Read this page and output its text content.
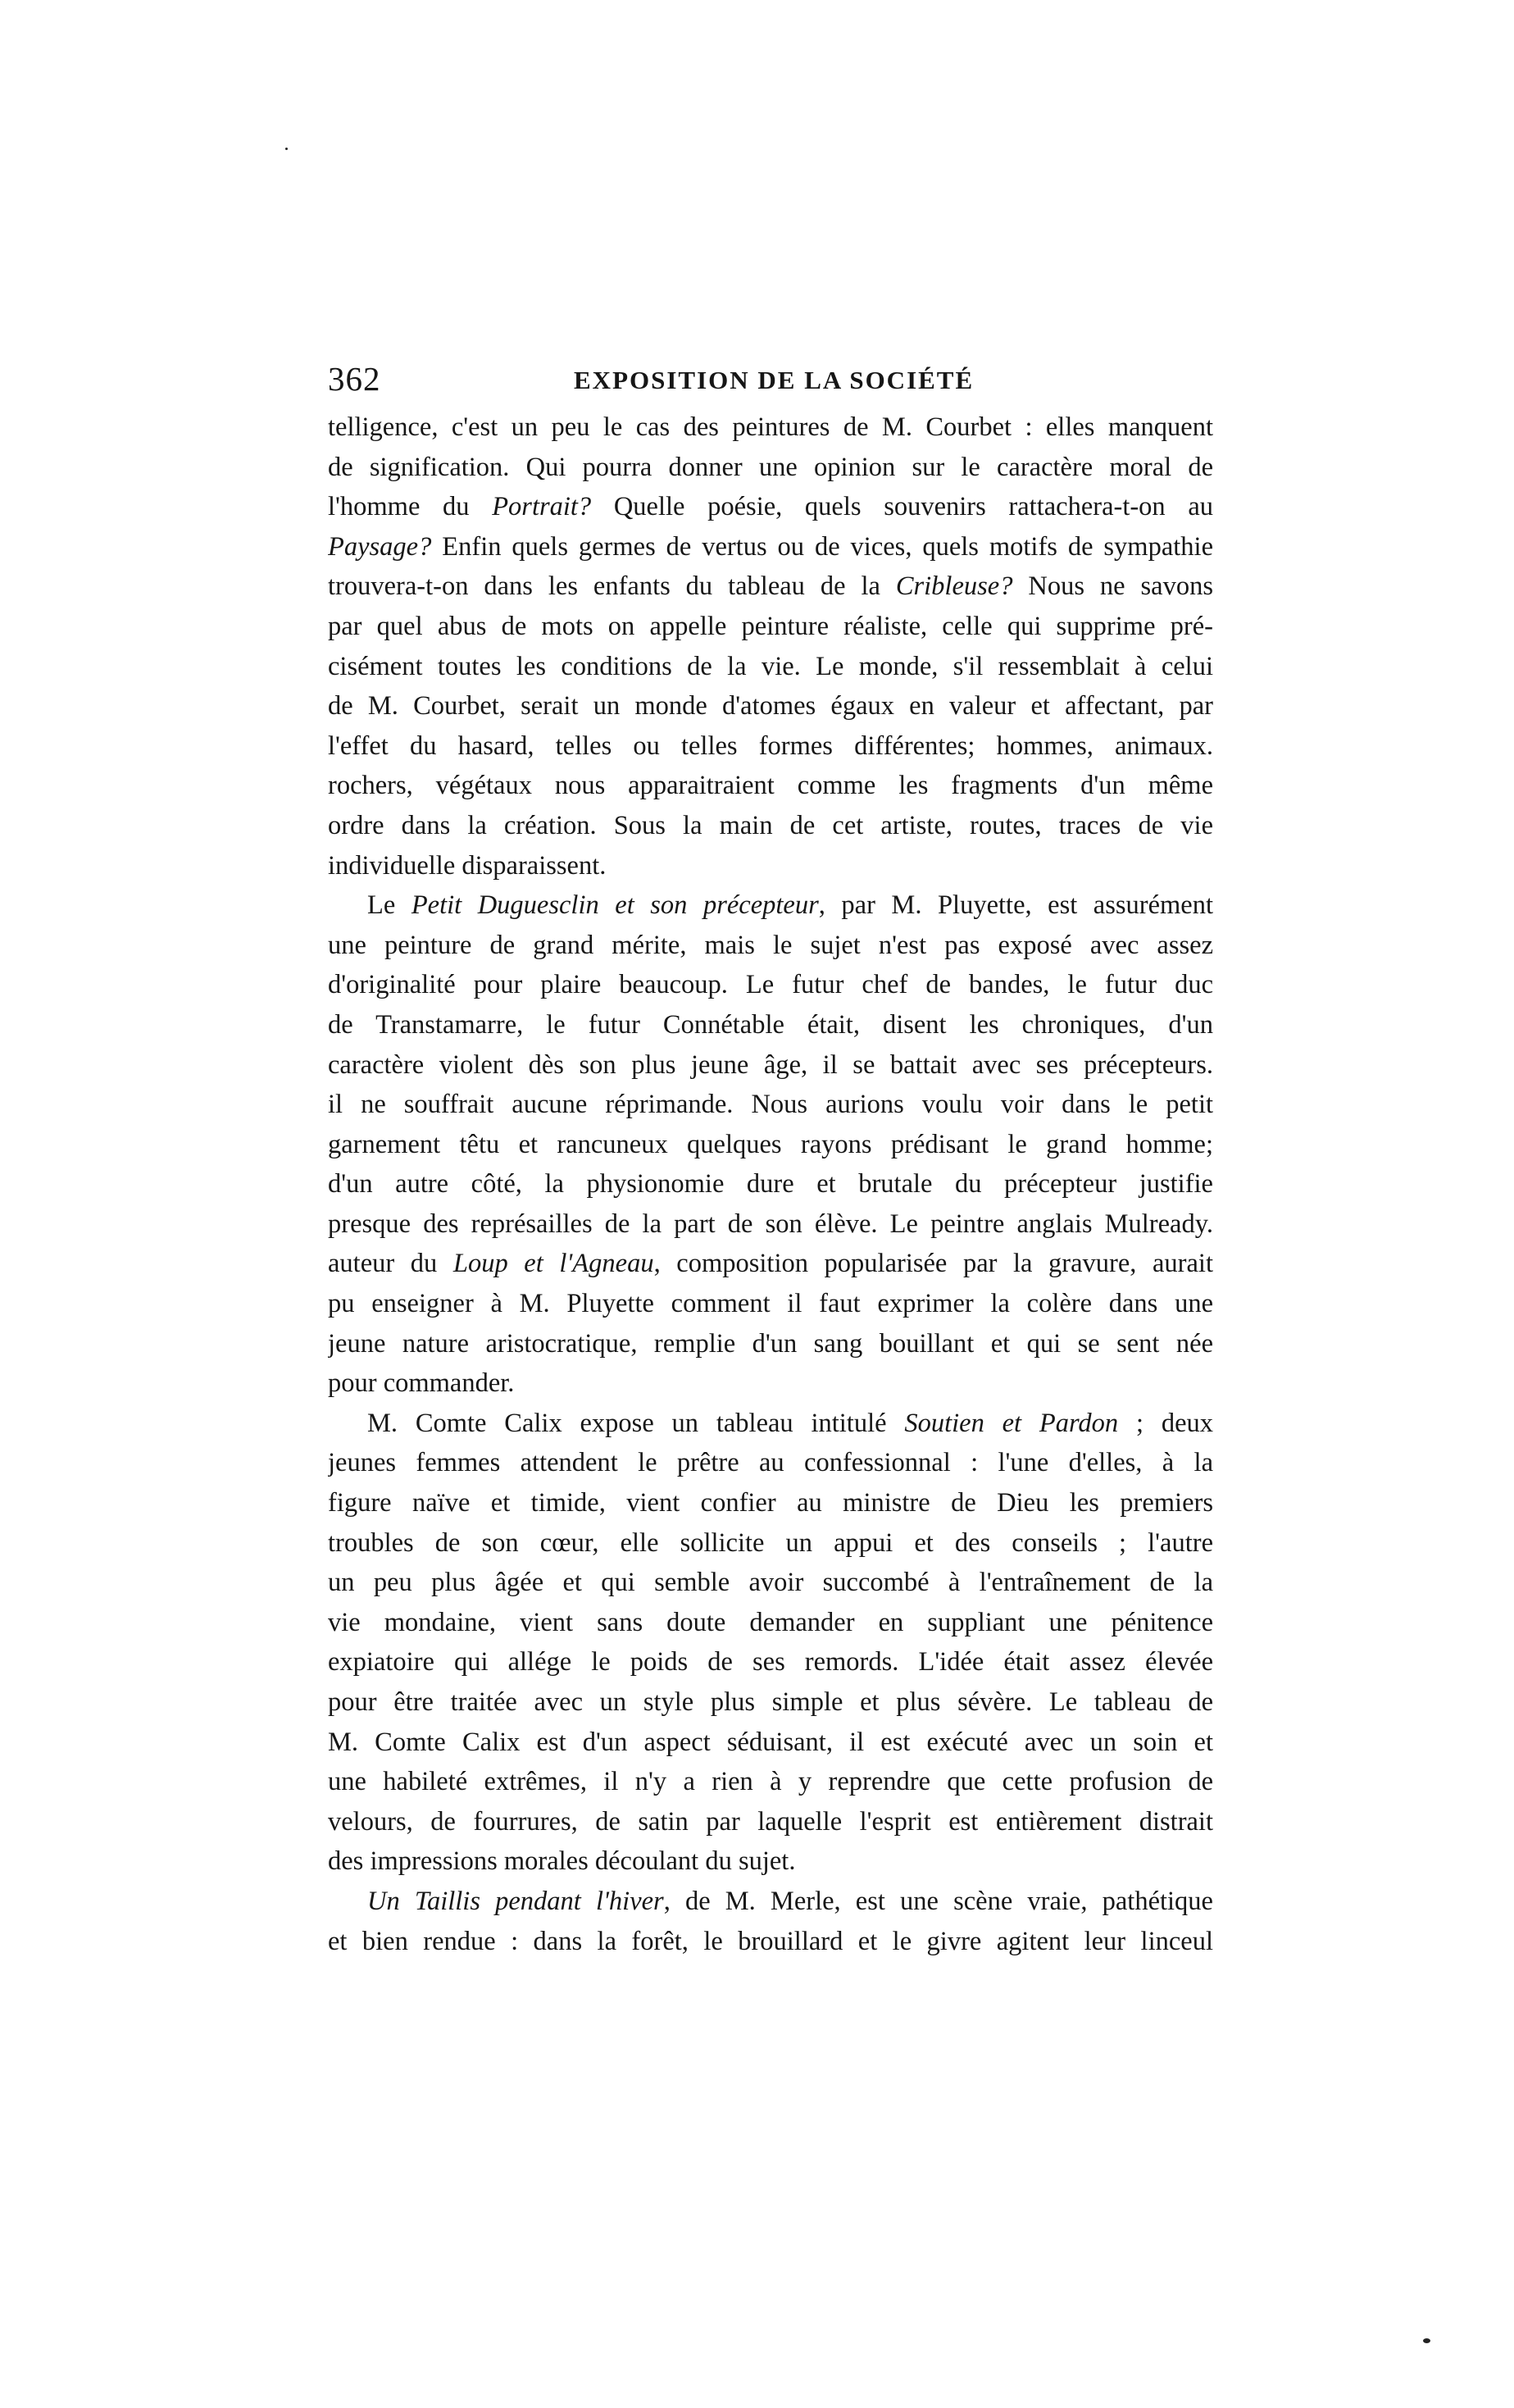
362	EXPOSITION DE LA SOCIÉTÉ
telligence, c'est un peu le cas des peintures de M. Courbet : elles manquent
de signification. Qui pourra donner une opinion sur le caractère moral de
l'homme du Portrait? Quelle poésie, quels souvenirs rattachera-t-on au
Paysage? Enfin quels germes de vertus ou de vices, quels motifs de sympathie
trouvera-t-on dans les enfants du tableau de la Cribleuse? Nous ne savons
par quel abus de mots on appelle peinture réaliste, celle qui supprime pré-
cisément toutes les conditions de la vie. Le monde, s'il ressemblait à celui
de M. Courbet, serait un monde d'atomes égaux en valeur et affectant, par
l'effet du hasard, telles ou telles formes différentes; hommes, animaux.
rochers, végétaux nous apparaitraient comme les fragments d'un même
ordre dans la création. Sous la main de cet artiste, routes, traces de vie
individuelle disparaissent.
Le Petit Duguesclin et son précepteur, par M. Pluyette, est assurément
une peinture de grand mérite, mais le sujet n'est pas exposé avec assez
d'originalité pour plaire beaucoup. Le futur chef de bandes, le futur duc
de Transtamarre, le futur Connétable était, disent les chroniques, d'un
caractère violent dès son plus jeune âge, il se battait avec ses précepteurs.
il ne souffrait aucune réprimande. Nous aurions voulu voir dans le petit
garnement têtu et rancuneux quelques rayons prédisant le grand homme;
d'un autre côté, la physionomie dure et brutale du précepteur justifie
presque des représailles de la part de son élève. Le peintre anglais Mulready.
auteur du Loup et l'Agneau, composition popularisée par la gravure, aurait
pu enseigner à M. Pluyette comment il faut exprimer la colère dans une
jeune nature aristocratique, remplie d'un sang bouillant et qui se sent née
pour commander.
M. Comte Calix expose un tableau intitulé Soutien et Pardon ; deux
jeunes femmes attendent le prêtre au confessionnal : l'une d'elles, à la
figure naïve et timide, vient confier au ministre de Dieu les premiers
troubles de son cœur, elle sollicite un appui et des conseils ; l'autre
un peu plus âgée et qui semble avoir succombé à l'entraînement de la
vie mondaine, vient sans doute demander en suppliant une pénitence
expiatoire qui allége le poids de ses remords. L'idée était assez élevée
pour être traitée avec un style plus simple et plus sévère. Le tableau de
M. Comte Calix est d'un aspect séduisant, il est exécuté avec un soin et
une habileté extrêmes, il n'y a rien à y reprendre que cette profusion de
velours, de fourrures, de satin par laquelle l'esprit est entièrement distrait
des impressions morales découlant du sujet.
Un Taillis pendant l'hiver, de M. Merle, est une scène vraie, pathétique
et bien rendue : dans la forêt, le brouillard et le givre agitent leur linceul
